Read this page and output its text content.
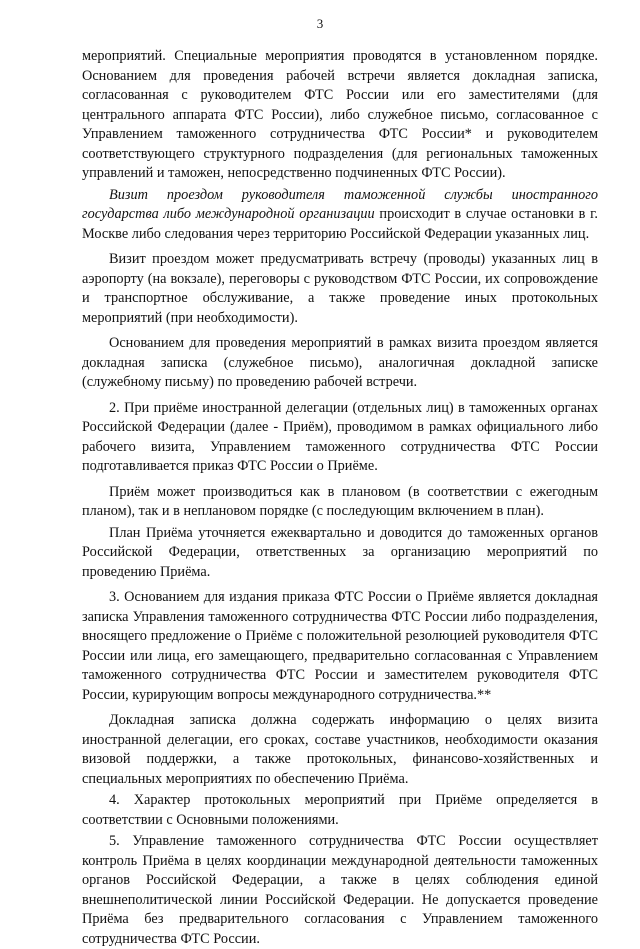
3

мероприятий. Специальные мероприятия проводятся в установленном порядке. Основанием для проведения рабочей встречи является докладная записка, согласованная с руководителем ФТС России или его заместителями (для центрального аппарата ФТС России), либо служебное письмо, согласованное с Управлением таможенного сотрудничества ФТС России* и руководителем соответствующего структурного подразделения (для региональных таможенных управлений и таможен, непосредственно подчиненных ФТС России).

Визит проездом руководителя таможенной службы иностранного государства либо международной организации происходит в случае остановки в г. Москве либо следования через территорию Российской Федерации указанных лиц.

Визит проездом может предусматривать встречу (проводы) указанных лиц в аэропорту (на вокзале), переговоры с руководством ФТС России, их сопровождение и транспортное обслуживание, а также проведение иных протокольных мероприятий (при необходимости).

Основанием для проведения мероприятий в рамках визита проездом является докладная записка (служебное письмо), аналогичная докладной записке (служебному письму) по проведению рабочей встречи.

2. При приёме иностранной делегации (отдельных лиц) в таможенных органах Российской Федерации (далее - Приём), проводимом в рамках официального либо рабочего визита, Управлением таможенного сотрудничества ФТС России подготавливается приказ ФТС России о Приёме.

Приём может производиться как в плановом (в соответствии с ежегодным планом), так и в неплановом порядке (с последующим включением в план).

План Приёма уточняется ежеквартально и доводится до таможенных органов Российской Федерации, ответственных за организацию мероприятий по проведению Приёма.

3. Основанием для издания приказа ФТС России о Приёме является докладная записка Управления таможенного сотрудничества ФТС России либо подразделения, вносящего предложение о Приёме с положительной резолюцией руководителя ФТС России или лица, его замещающего, предварительно согласованная с Управлением таможенного сотрудничества ФТС России и заместителем руководителя ФТС России, курирующим вопросы международного сотрудничества.**

Докладная записка должна содержать информацию о целях визита иностранной делегации, его сроках, составе участников, необходимости оказания визовой поддержки, а также протокольных, финансово-хозяйственных и специальных мероприятиях по обеспечению Приёма.

4. Характер протокольных мероприятий при Приёме определяется в соответствии с Основными положениями.

5. Управление таможенного сотрудничества ФТС России осуществляет контроль Приёма в целях координации международной деятельности таможенных органов Российской Федерации, а также в целях соблюдения единой внешнеполитической линии Российской Федерации. Не допускается проведение Приёма без предварительного согласования с Управлением таможенного сотрудничества ФТС России.
